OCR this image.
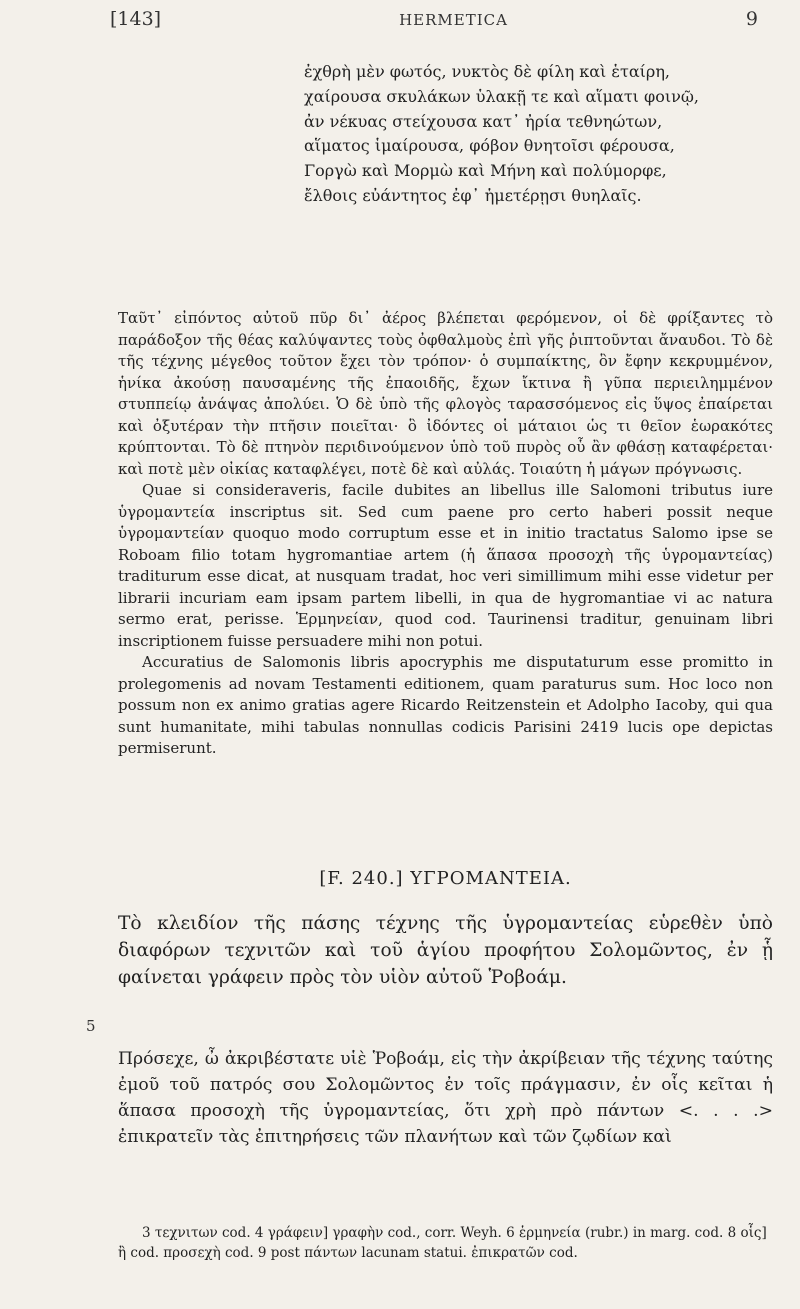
[143]	HERMETICA	9
ἐχθρὴ μὲν φωτός, νυκτὸς δὲ φίλη καὶ ἑταίρη,
χαίρουσα σκυλάκων ὑλακῇ τε καὶ αἵματι φοινῷ,
ἀν νέκυας στείχουσα κατ᾽ ἠρία τεθνηώτων,
αἵματος ἱμαίρουσα, φόβον θνητοῖσι φέρουσα,
Γοργὼ καὶ Μορμὼ καὶ Μήνη καὶ πολύμορφε,
ἔλθοις εὐάντητος ἐφ᾽ ἡμετέρῃσι θυηλαῖς.

Ταῦτ᾽ εἰπόντος αὐτοῦ πῦρ δι᾽ ἀέρος βλέπεται φερόμενον, οἱ δὲ φρίξαντες τὸ παράδοξον τῆς θέας καλύψαντες τοὺς ὀφθαλμοὺς ἐπὶ γῆς ῥιπτοῦνται ἄναυδοι. Τὸ δὲ τῆς τέχνης μέγεθος τοῦτον ἔχει τὸν τρόπον· ὁ συμπαίκτης, ὃν ἔφην κεκρυμμένον, ἡνίκα ἀκούσῃ παυσαμένης τῆς ἐπαοιδῆς, ἔχων ἴκτινα ἢ γῦπα περιειλημμένον στυππείῳ ἀνάψας ἀπολύει. Ὁ δὲ ὑπὸ τῆς φλογὸς ταρασσόμενος εἰς ὕψος ἐπαίρεται καὶ ὀξυτέραν τὴν πτῆσιν ποιεῖται· ὃ ἰδόντες οἱ μάταιοι ὡς τι θεῖον ἑωρακότες κρύπτονται. Τὸ δὲ πτηνὸν περιδινούμενον ὑπὸ τοῦ πυρὸς οὗ ἂν φθάσῃ καταφέρεται· καὶ ποτὲ μὲν οἰκίας καταφλέγει, ποτὲ δὲ καὶ αὐλάς. Τοιαύτη ἡ μάγων πρόγνωσις.

Quae si consideraveris, facile dubites an libellus ille Salomoni tributus iure ὑγρομαντεία inscriptus sit. Sed cum paene pro certo haberi possit neque ὑγρομαντείαν quoquo modo corruptum esse et in initio tractatus Salomo ipse se Roboam filio totam hygromantiae artem (ἡ ἅπασα προσοχὴ τῆς ὑγρομαντείας) traditurum esse dicat, at nusquam tradat, hoc veri simillimum mihi esse videtur per librarii incuriam eam ipsam partem libelli, in qua de hygromantiae vi ac natura sermo erat, perisse. Ἑρμηνείαν, quod cod. Taurinensi traditur, genuinam libri inscriptionem fuisse persuadere mihi non potui.

Accuratius de Salomonis libris apocryphis me disputaturum esse promitto in prolegomenis ad novam Testamenti editionem, quam paraturus sum. Hoc loco non possum non ex animo gratias agere Ricardo Reitzenstein et Adolpho Iacoby, qui qua sunt humanitate, mihi tabulas nonnullas codicis Parisini 2419 lucis ope depictas permiserunt.

[F. 240.] ΥΓΡΟΜΑΝΤΕΙΑ.
Τὸ κλειδίον τῆς πάσης τέχνης τῆς ὑγρομαντείας εὑρεθὲν ὑπὸ διαφόρων τεχνιτῶν καὶ τοῦ ἁγίου προφήτου Σολομῶντος, ἐν ᾗ φαίνεται γράφειν πρὸς τὸν υἱὸν αὐτοῦ Ῥοβοάμ.
5

Πρόσεχε, ὦ ἀκριβέστατε υἱὲ Ῥοβοάμ, εἰς τὴν ἀκρίβειαν τῆς τέχνης ταύτης ἐμοῦ τοῦ πατρός σου Σολομῶντος ἐν τοῖς πράγμασιν, ἐν οἷς κεῖται ἡ ἅπασα προσοχὴ τῆς ὑγρομαντείας, ὅτι χρὴ πρὸ πάντων <. . . .> ἐπικρατεῖν τὰς ἐπιτηρήσεις τῶν πλανήτων καὶ τῶν ζῳδίων καὶ

3 τεχνιτων cod. 4 γράφειν] γραφὴν cod., corr. Weyh. 6 ἑρμηνεία (rubr.) in marg. cod. 8 οἷς] ἢ cod. προσεχὴ cod. 9 post πάντων lacunam statui. ἐπικρατῶν cod.
